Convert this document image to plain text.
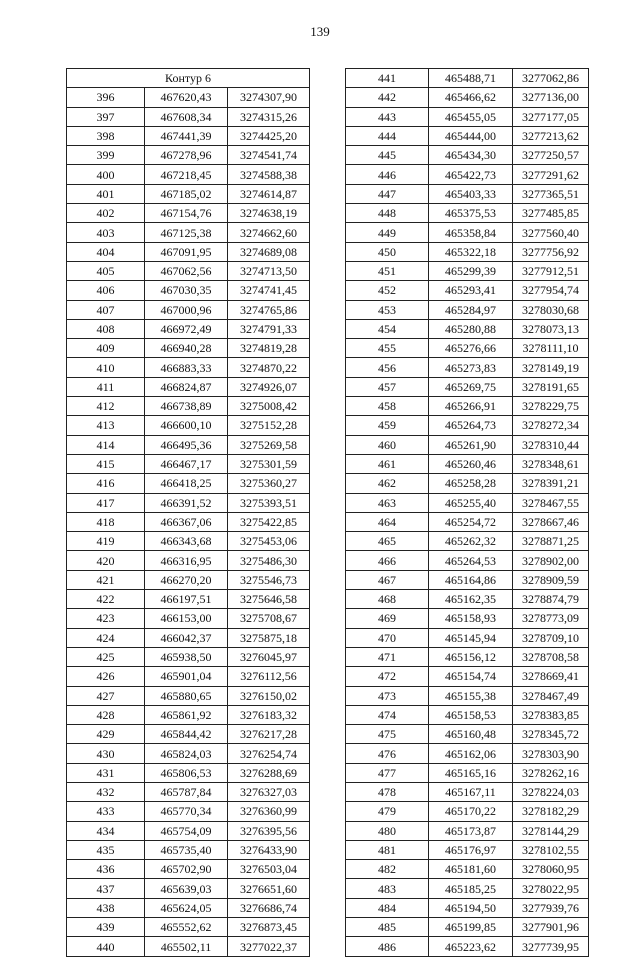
139
Контур 6		
396	467620,43	3274307,90
397	467608,34	3274315,26
398	467441,39	3274425,20
399	467278,96	3274541,74
400	467218,45	3274588,38
401	467185,02	3274614,87
402	467154,76	3274638,19
403	467125,38	3274662,60
404	467091,95	3274689,08
405	467062,56	3274713,50
406	467030,35	3274741,45
407	467000,96	3274765,86
408	466972,49	3274791,33
409	466940,28	3274819,28
410	466883,33	3274870,22
411	466824,87	3274926,07
412	466738,89	3275008,42
413	466600,10	3275152,28
414	466495,36	3275269,58
415	466467,17	3275301,59
416	466418,25	3275360,27
417	466391,52	3275393,51
418	466367,06	3275422,85
419	466343,68	3275453,06
420	466316,95	3275486,30
421	466270,20	3275546,73
422	466197,51	3275646,58
423	466153,00	3275708,67
424	466042,37	3275875,18
425	465938,50	3276045,97
426	465901,04	3276112,56
427	465880,65	3276150,02
428	465861,92	3276183,32
429	465844,42	3276217,28
430	465824,03	3276254,74
431	465806,53	3276288,69
432	465787,84	3276327,03
433	465770,34	3276360,99
434	465754,09	3276395,56
435	465735,40	3276433,90
436	465702,90	3276503,04
437	465639,03	3276651,60
438	465624,05	3276686,74
439	465552,62	3276873,45
440	465502,11	3277022,37
441	465488,71	3277062,86
442	465466,62	3277136,00
443	465455,05	3277177,05
444	465444,00	3277213,62
445	465434,30	3277250,57
446	465422,73	3277291,62
447	465403,33	3277365,51
448	465375,53	3277485,85
449	465358,84	3277560,40
450	465322,18	3277756,92
451	465299,39	3277912,51
452	465293,41	3277954,74
453	465284,97	3278030,68
454	465280,88	3278073,13
455	465276,66	3278111,10
456	465273,83	3278149,19
457	465269,75	3278191,65
458	465266,91	3278229,75
459	465264,73	3278272,34
460	465261,90	3278310,44
461	465260,46	3278348,61
462	465258,28	3278391,21
463	465255,40	3278467,55
464	465254,72	3278667,46
465	465262,32	3278871,25
466	465264,53	3278902,00
467	465164,86	3278909,59
468	465162,35	3278874,79
469	465158,93	3278773,09
470	465145,94	3278709,10
471	465156,12	3278708,58
472	465154,74	3278669,41
473	465155,38	3278467,49
474	465158,53	3278383,85
475	465160,48	3278345,72
476	465162,06	3278303,90
477	465165,16	3278262,16
478	465167,11	3278224,03
479	465170,22	3278182,29
480	465173,87	3278144,29
481	465176,97	3278102,55
482	465181,60	3278060,95
483	465185,25	3278022,95
484	465194,50	3277939,76
485	465199,85	3277901,96
486	465223,62	3277739,95
